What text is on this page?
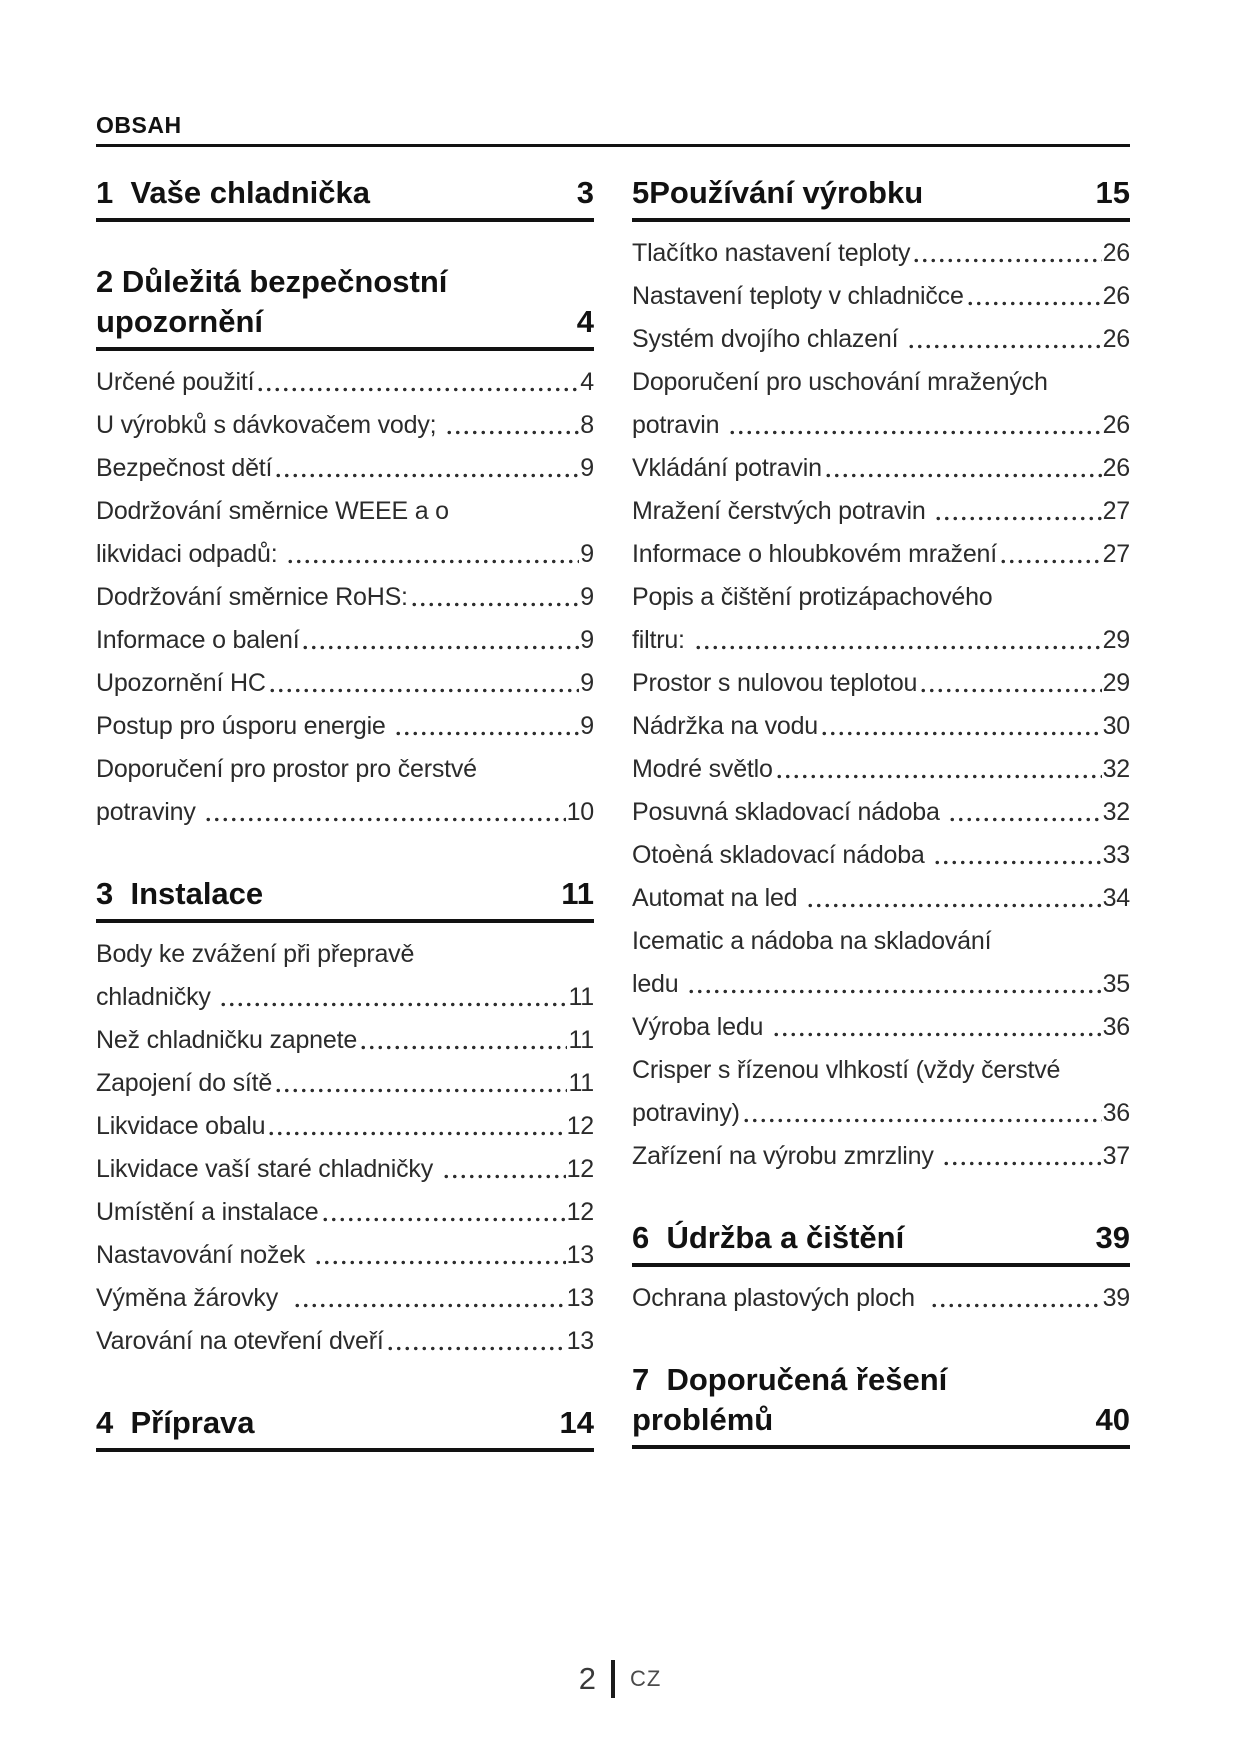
OBSAH
1  Vaše chladnička	3
2 Důležitá bezpečnostní
upozornění	4
Určené použití	4
U výrobků s dávkovačem vody;	8
Bezpečnost dětí	9
Dodržování směrnice WEEE a o
likvidaci odpadů:	9
Dodržování směrnice RoHS:	9
Informace o balení	9
Upozornění HC	9
Postup pro úsporu energie	9
Doporučení pro prostor pro čerstvé
potraviny	10
3  Instalace	11
Body ke zvážení při přepravě
chladničky	11
Než chladničku zapnete	11
Zapojení do sítě	11
Likvidace obalu	12
Likvidace vaší staré chladničky	12
Umístění a instalace	12
Nastavování nožek	13
Výměna žárovky	13
Varování na otevření dveří	13
4  Příprava	14
5Používání výrobku	15
Tlačítko nastavení teploty	26
Nastavení teploty v chladničce	26
Systém dvojího chlazení	26
Doporučení pro uschování mražených
potravin	26
Vkládání potravin	26
Mražení čerstvých potravin	27
Informace o hloubkovém mražení	27
Popis a čištění protizápachového
filtru:	29
Prostor s nulovou teplotou	29
Nádržka na vodu	30
Modré světlo	32
Posuvná skladovací nádoba	32
Otoèná skladovací nádoba	33
Automat na led	34
Icematic a nádoba na skladování
ledu	35
Výroba ledu	36
Crisper s řízenou vlhkostí (vždy čerstvé
potraviny)	36
Zařízení na výrobu zmrzliny	37
6  Údržba a čištění	39
Ochrana plastových ploch	39
7  Doporučená řešení
problémů	40
2 CZ
